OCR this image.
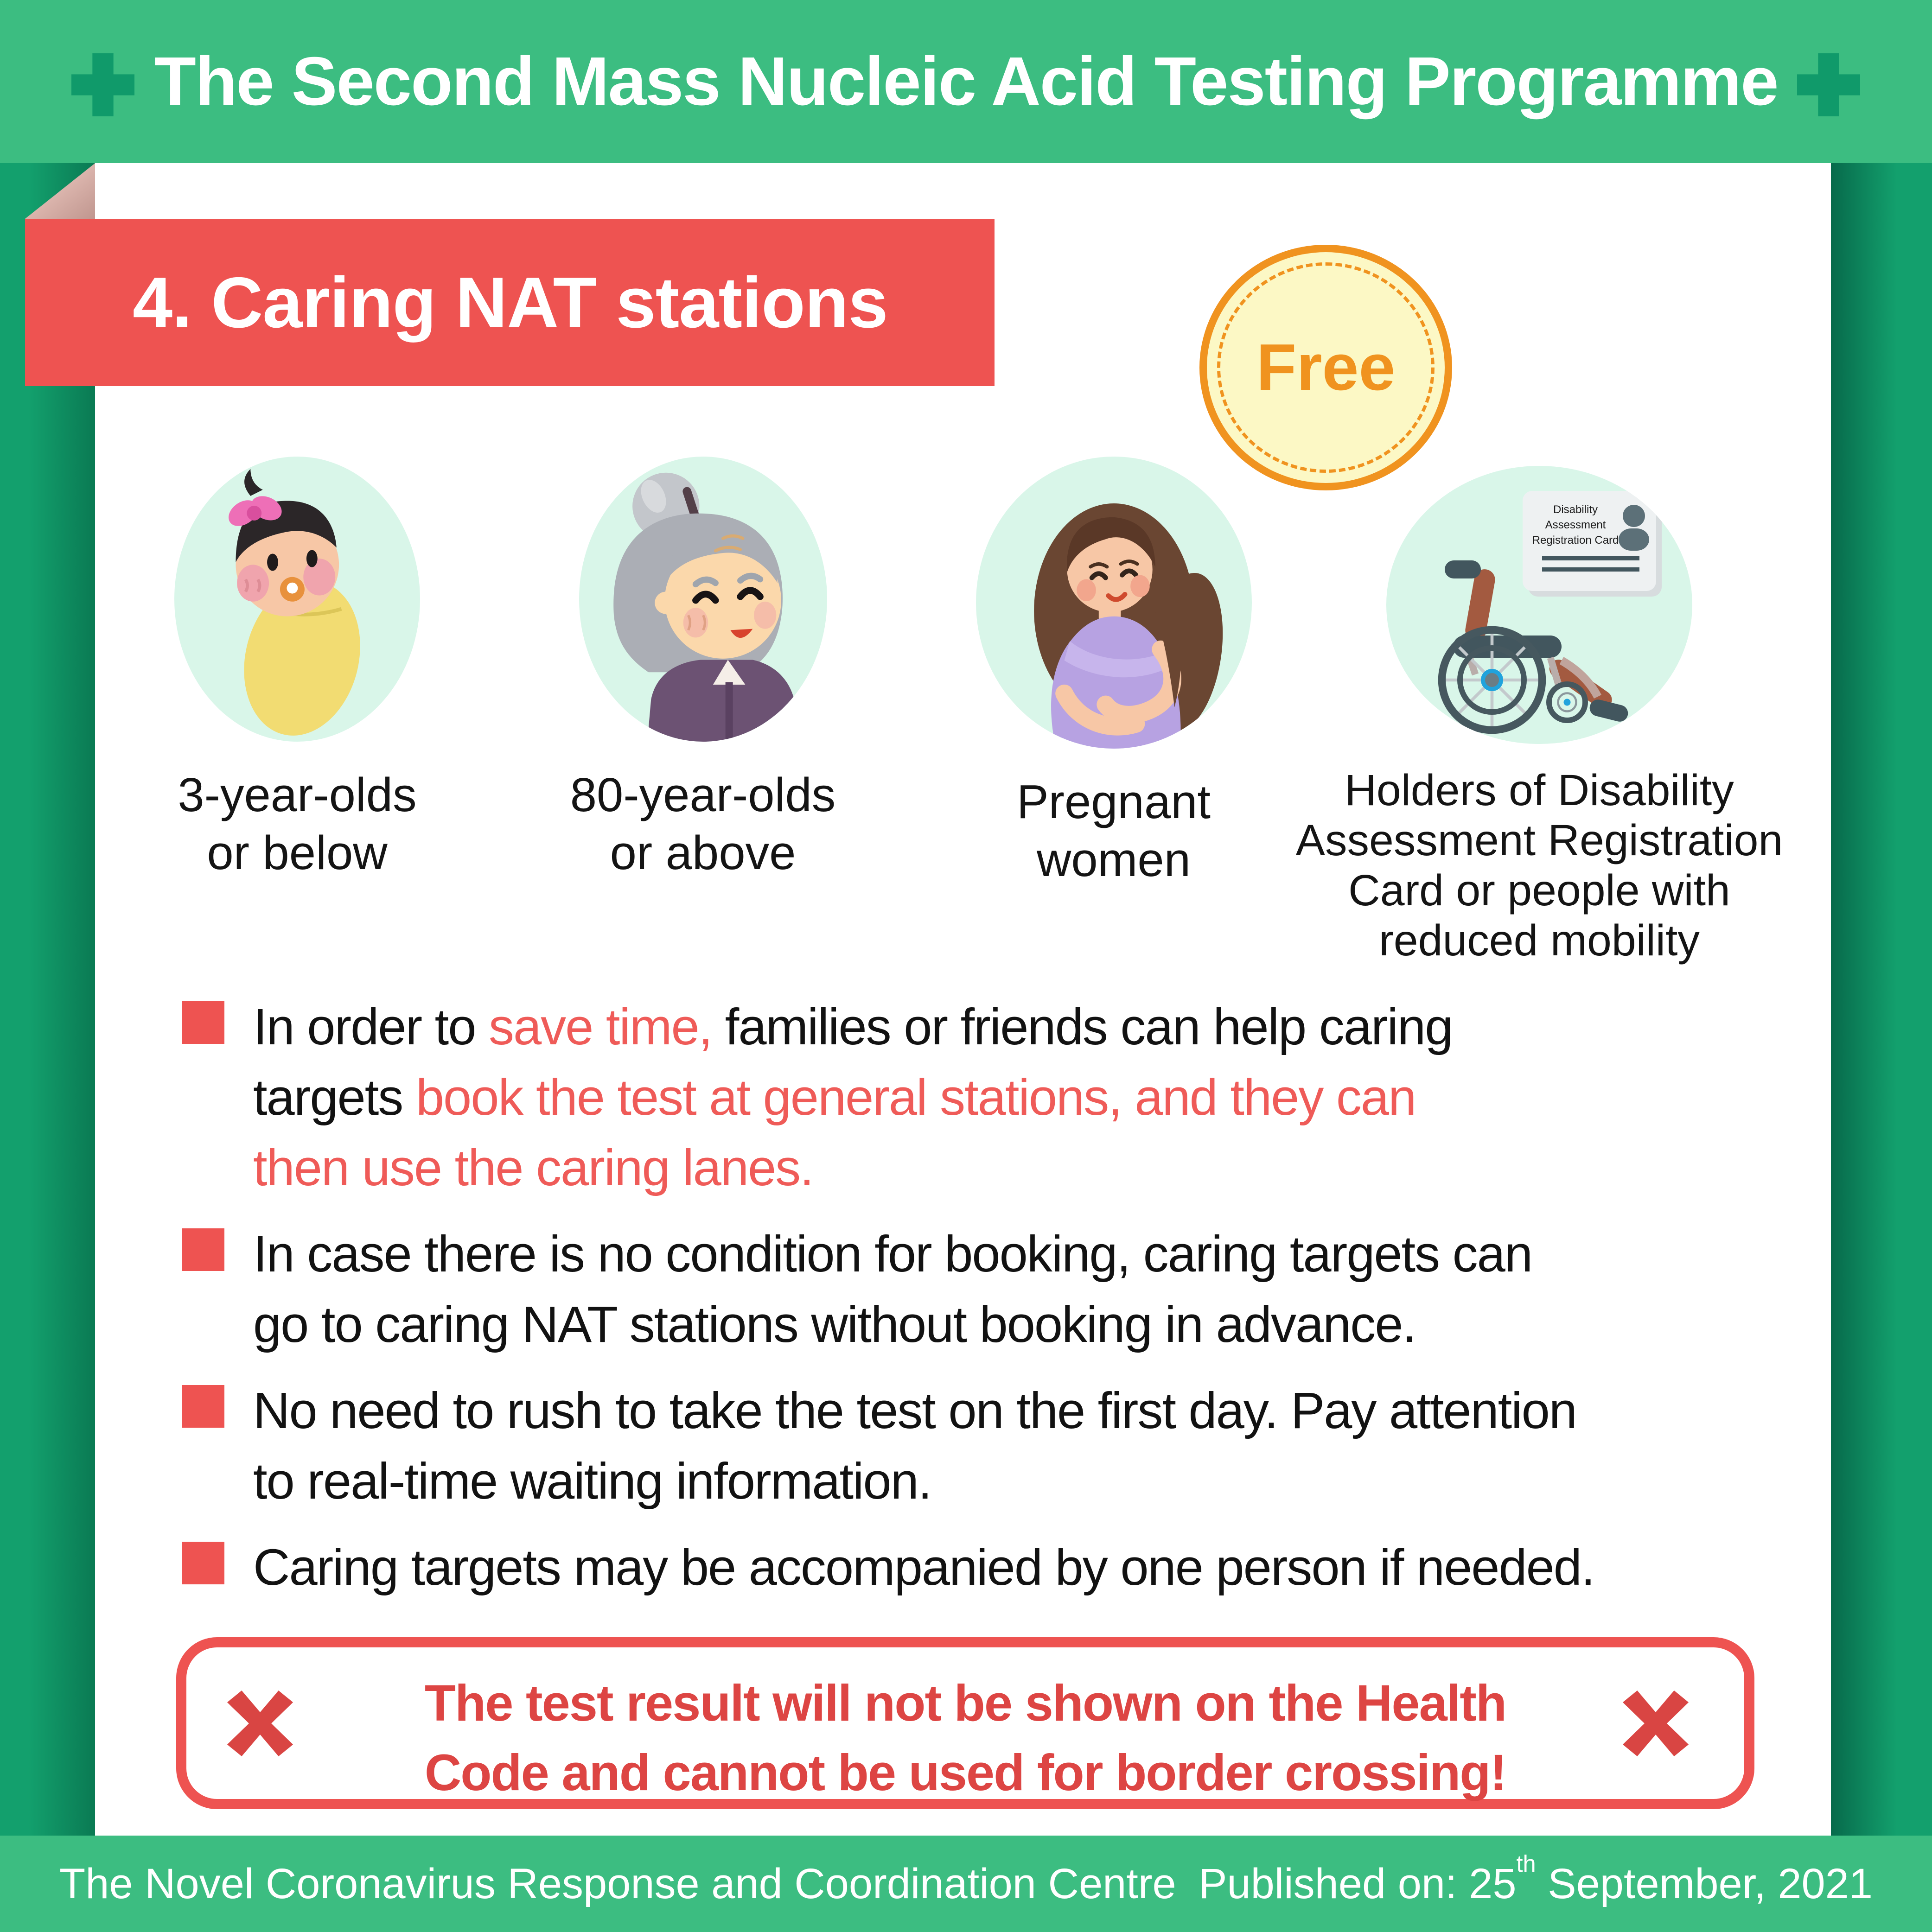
The Second Mass Nucleic Acid Testing Programme
4. Caring NAT stations
Free
3-year-olds
or below
80-year-olds
or above
Pregnant
women
Disability
Assessment
Registration Card
Holders of Disability
Assessment Registration
Card or people with
reduced mobility
In order to save time, families or friends can help caring
targets book the test at general stations, and they can
then use the caring lanes.
In case there is no condition for booking, caring targets can
go to caring NAT stations without booking in advance.
No need to rush to take the test on the first day. Pay attention
to real-time waiting information.
Caring targets may be accompanied by one person if needed.
The test result will not be shown on the Health
Code and cannot be used for border crossing!
The Novel Coronavirus Response and Coordination Centre Published on: 25th September, 2021
